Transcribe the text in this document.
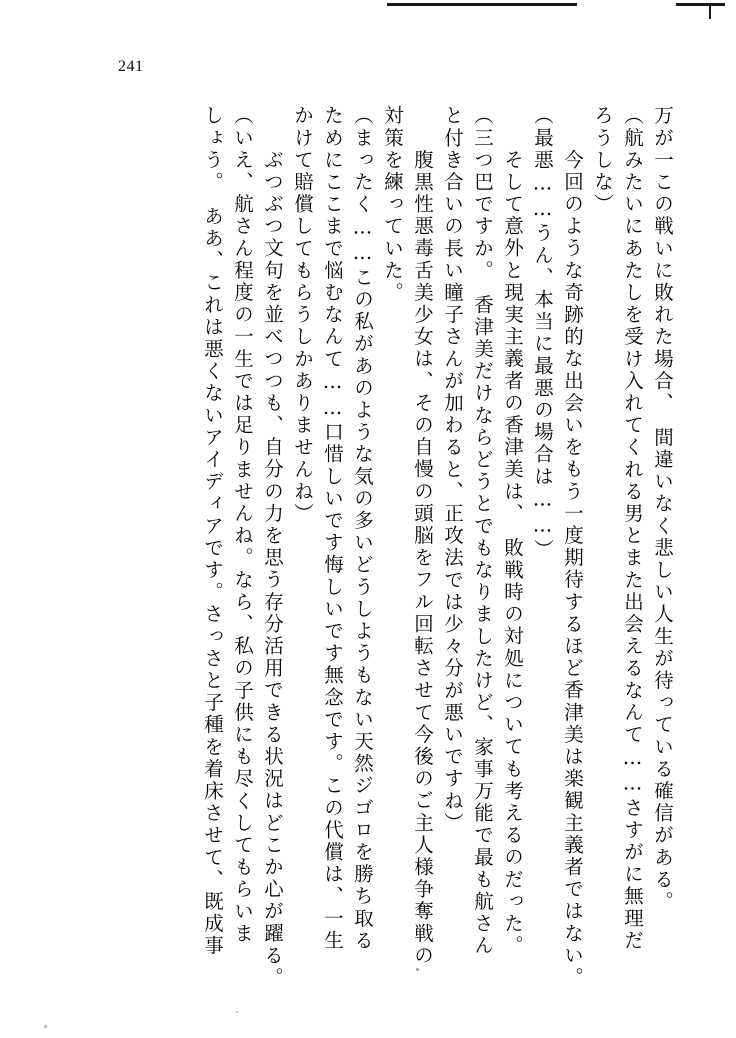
241
万が一この戦いに敗れた場合、　間違いなく悲しい人生が待っている確信がある。
（航みたいにあたしを受け入れてくれる男とまた出会えるなんて……さすがに無理だ
ろうしな）
　今回のような奇跡的な出会いをもう一度期待するほど香津美は楽観主義者ではない。
（最悪……うん、本当に最悪の場合は……）
　そして意外と現実主義者の香津美は、　敗戦時の対処についても考えるのだった。
（三つ巴ですか。　香津美だけならどうとでもなりましたけど、家事万能で最も航さん
と付き合いの長い瞳子さんが加わると、正攻法では少々分が悪いですね）
　腹黒性悪毒舌美少女は、その自慢の頭脳をフル回転させて今後のご主人様争奪戦の
対策を練っていた。
（まったく……この私があのような気の多いどうしようもない天然ジゴロを勝ち取る
ためにここまで悩むなんて……口惜しいです悔しいです無念です。この代償は、一生
かけて賠償してもらうしかありませんね）
　ぶつぶつ文句を並べつつも、自分の力を思う存分活用できる状況はどこか心が躍る。
（いえ、航さん程度の一生では足りませんね。なら、私の子供にも尽くしてもらいま
しょう。　ああ、これは悪くないアイディアです。さっさと子種を着床させて、既成事
